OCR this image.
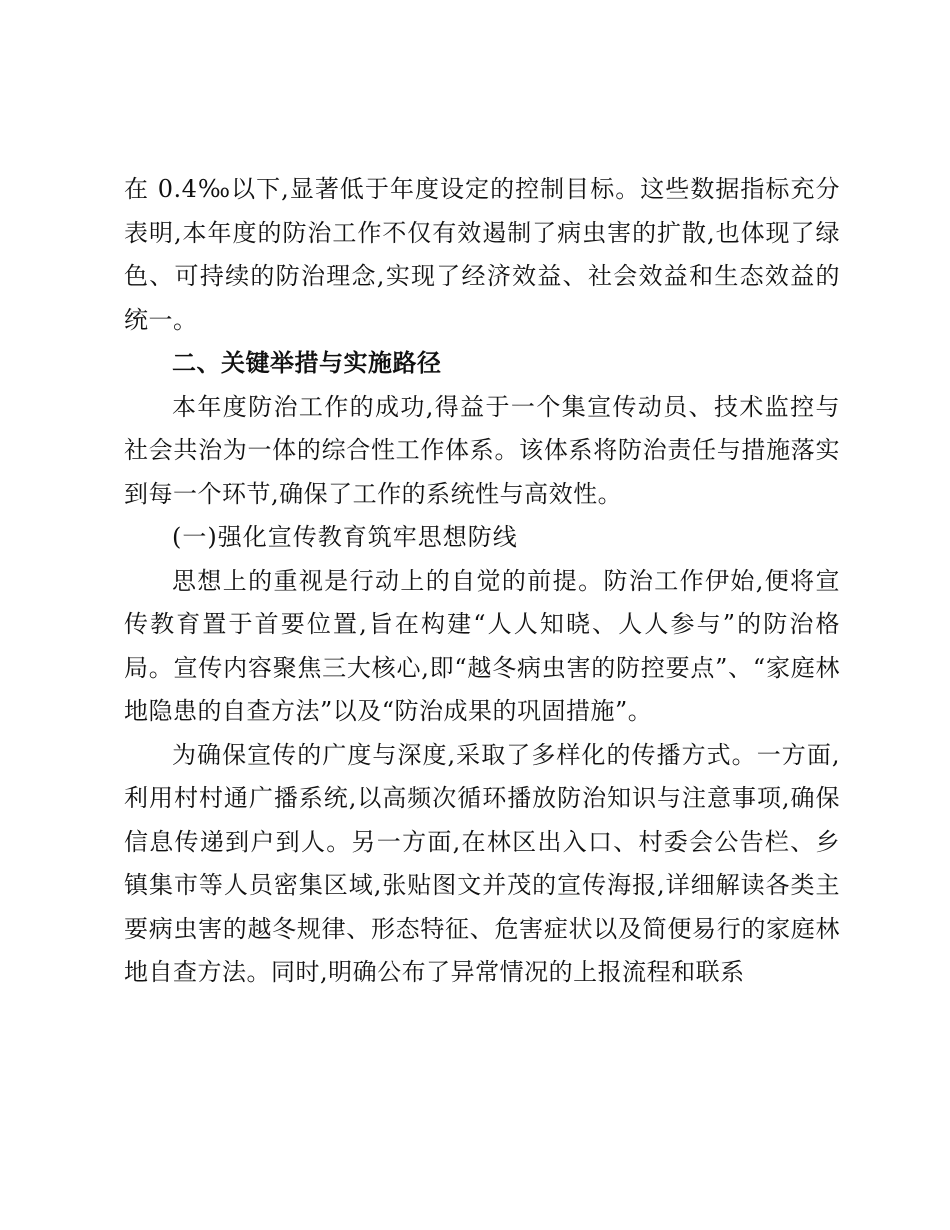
在 0.4‰以下,显著低于年度设定的控制目标。这些数据指标充分表明,本年度的防治工作不仅有效遏制了病虫害的扩散,也体现了绿色、可持续的防治理念,实现了经济效益、社会效益和生态效益的统一。

二、关键举措与实施路径

本年度防治工作的成功,得益于一个集宣传动员、技术监控与社会共治为一体的综合性工作体系。该体系将防治责任与措施落实到每一个环节,确保了工作的系统性与高效性。

(一)强化宣传教育筑牢思想防线

思想上的重视是行动上的自觉的前提。防治工作伊始,便将宣传教育置于首要位置,旨在构建“人人知晓、人人参与”的防治格局。宣传内容聚焦三大核心,即“越冬病虫害的防控要点”、“家庭林地隐患的自查方法”以及“防治成果的巩固措施”。

为确保宣传的广度与深度,采取了多样化的传播方式。一方面,利用村村通广播系统,以高频次循环播放防治知识与注意事项,确保信息传递到户到人。另一方面,在林区出入口、村委会公告栏、乡镇集市等人员密集区域,张贴图文并茂的宣传海报,详细解读各类主要病虫害的越冬规律、形态特征、危害症状以及简便易行的家庭林地自查方法。同时,明确公布了异常情况的上报流程和联系
